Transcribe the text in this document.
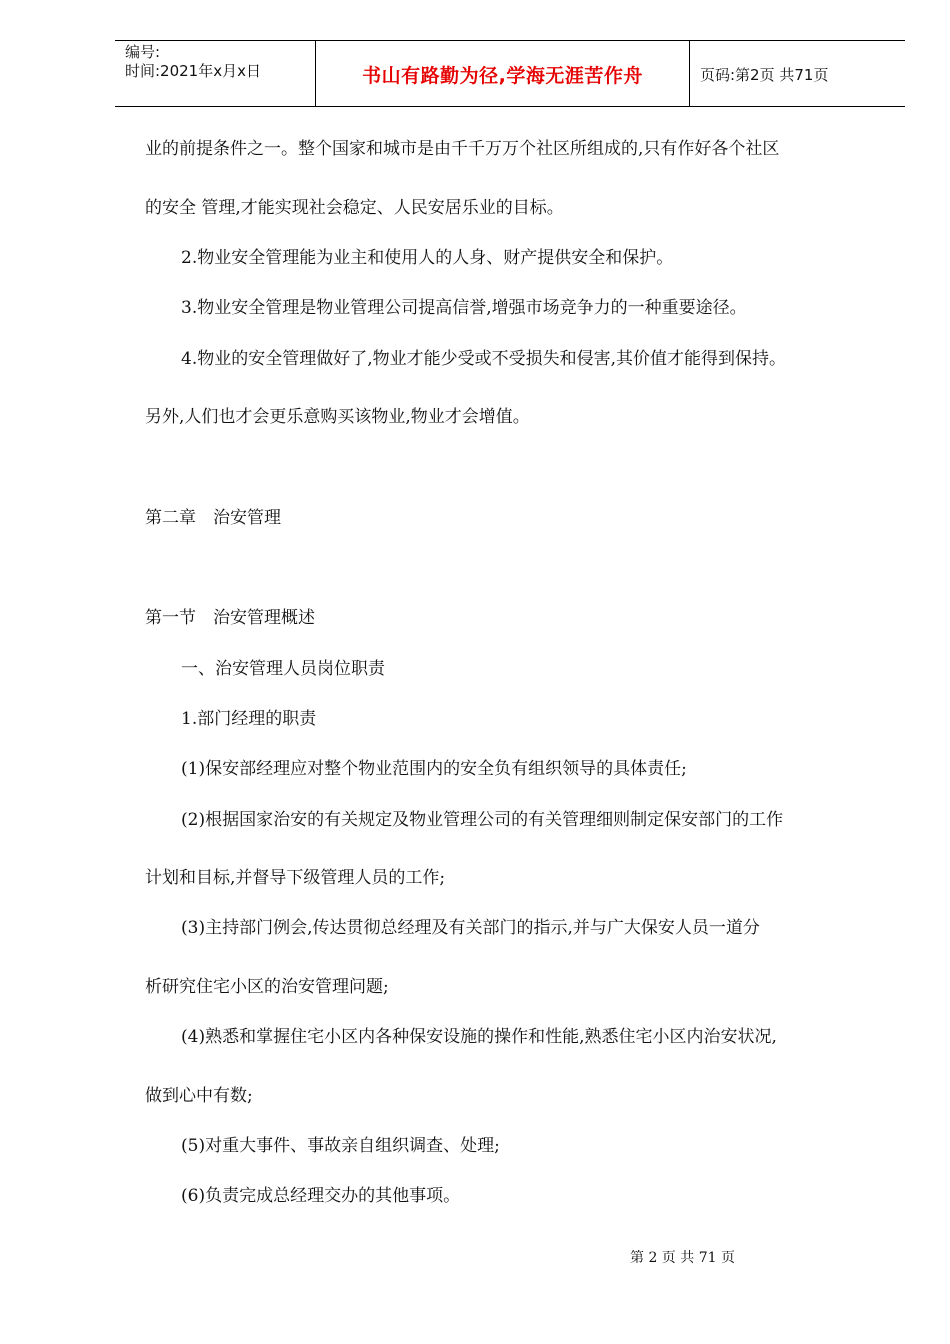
编号:
时间:2021年x月x日	书山有路勤为径,学海无涯苦作舟	页码:第2页 共71页
业的前提条件之一。整个国家和城市是由千千万万个社区所组成的,只有作好各个社区
的安全 管理,才能实现社会稳定、人民安居乐业的目标。
2.物业安全管理能为业主和使用人的人身、财产提供安全和保护。
3.物业安全管理是物业管理公司提高信誉,增强市场竞争力的一种重要途径。
4.物业的安全管理做好了,物业才能少受或不受损失和侵害,其价值才能得到保持。
另外,人们也才会更乐意购买该物业,物业才会增值。
第二章　治安管理
第一节　治安管理概述
一、治安管理人员岗位职责
1.部门经理的职责
(1)保安部经理应对整个物业范围内的安全负有组织领导的具体责任;
(2)根据国家治安的有关规定及物业管理公司的有关管理细则制定保安部门的工作
计划和目标,并督导下级管理人员的工作;
(3)主持部门例会,传达贯彻总经理及有关部门的指示,并与广大保安人员一道分
析研究住宅小区的治安管理问题;
(4)熟悉和掌握住宅小区内各种保安设施的操作和性能,熟悉住宅小区内治安状况,
做到心中有数;
(5)对重大事件、事故亲自组织调查、处理;
(6)负责完成总经理交办的其他事项。
第 2 页 共 71 页
